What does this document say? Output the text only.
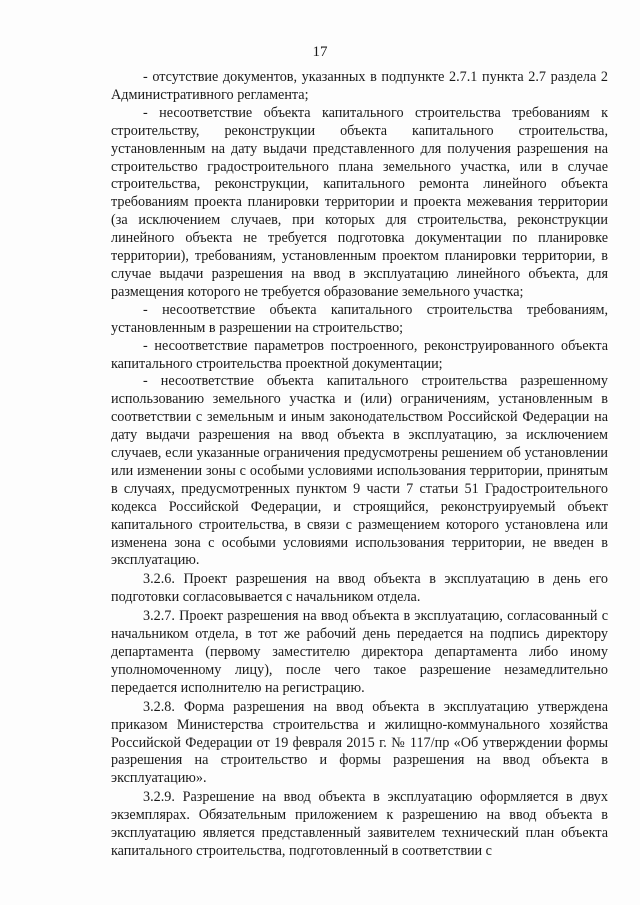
17

- отсутствие документов, указанных в подпункте 2.7.1 пункта 2.7 раздела 2 Административного регламента;

- несоответствие объекта капитального строительства требованиям к строительству, реконструкции объекта капитального строительства, установленным на дату выдачи представленного для получения разрешения на строительство градостроительного плана земельного участка, или в случае строительства, реконструкции, капитального ремонта линейного объекта требованиям проекта планировки территории и проекта межевания территории (за исключением случаев, при которых для строительства, реконструкции линейного объекта не требуется подготовка документации по планировке территории), требованиям, установленным проектом планировки территории, в случае выдачи разрешения на ввод в эксплуатацию линейного объекта, для размещения которого не требуется образование земельного участка;

- несоответствие объекта капитального строительства требованиям, установленным в разрешении на строительство;

- несоответствие параметров построенного, реконструированного объекта капитального строительства проектной документации;

- несоответствие объекта капитального строительства разрешенному использованию земельного участка и (или) ограничениям, установленным в соответствии с земельным и иным законодательством Российской Федерации на дату выдачи разрешения на ввод объекта в эксплуатацию, за исключением случаев, если указанные ограничения предусмотрены решением об установлении или изменении зоны с особыми условиями использования территории, принятым в случаях, предусмотренных пунктом 9 части 7 статьи 51 Градостроительного кодекса Российской Федерации, и строящийся, реконструируемый объект капитального строительства, в связи с размещением которого установлена или изменена зона с особыми условиями использования территории, не введен в эксплуатацию.

3.2.6. Проект разрешения на ввод объекта в эксплуатацию в день его подготовки согласовывается с начальником отдела.

3.2.7. Проект разрешения на ввод объекта в эксплуатацию, согласованный с начальником отдела, в тот же рабочий день передается на подпись директору департамента (первому заместителю директора департамента либо иному уполномоченному лицу), после чего такое разрешение незамедлительно передается исполнителю на регистрацию.

3.2.8. Форма разрешения на ввод объекта в эксплуатацию утверждена приказом Министерства строительства и жилищно-коммунального хозяйства Российской Федерации от 19 февраля 2015 г. № 117/пр «Об утверждении формы разрешения на строительство и формы разрешения на ввод объекта в эксплуатацию».

3.2.9. Разрешение на ввод объекта в эксплуатацию оформляется в двух экземплярах. Обязательным приложением к разрешению на ввод объекта в эксплуатацию является представленный заявителем технический план объекта капитального строительства, подготовленный в соответствии с
